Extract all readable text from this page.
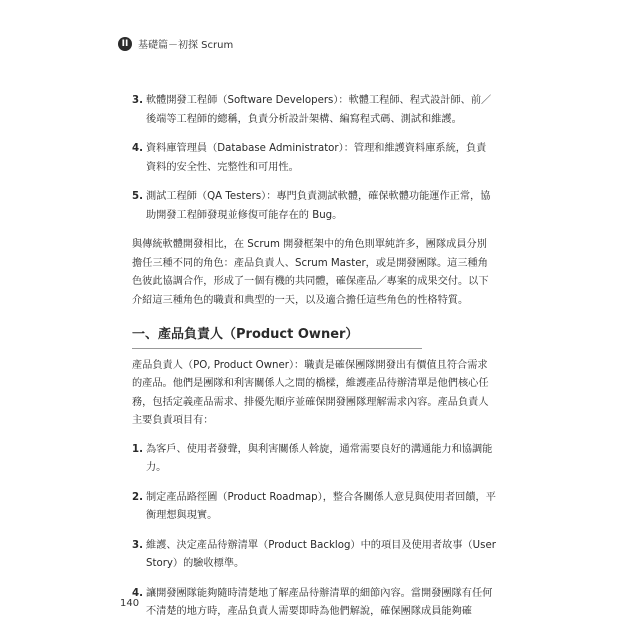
II 基礎篇－初探 Scrum
3. 軟體開發工程師（Software Developers）：軟體工程師、程式設計師、前／後端等工程師的總稱，負責分析設計架構、編寫程式碼、測試和維護。
4. 資料庫管理員（Database Administrator）：管理和維護資料庫系統，負責資料的安全性、完整性和可用性。
5. 測試工程師（QA Testers）：專門負責測試軟體，確保軟體功能運作正常，協助開發工程師發現並修復可能存在的 Bug。

與傳統軟體開發相比，在 Scrum 開發框架中的角色則單純許多，團隊成員分別擔任三種不同的角色：產品負責人、Scrum Master，或是開發團隊。這三種角色彼此協調合作，形成了一個有機的共同體，確保產品／專案的成果交付。以下介紹這三種角色的職責和典型的一天，以及適合擔任這些角色的性格特質。

一、產品負責人（Product Owner）

產品負責人（PO, Product Owner）：職責是確保團隊開發出有價值且符合需求的產品。他們是團隊和利害關係人之間的橋樑，維護產品待辦清單是他們核心任務，包括定義產品需求、排優先順序並確保開發團隊理解需求內容。產品負責人主要負責項目有：

1. 為客戶、使用者發聲，與利害關係人斡旋，通常需要良好的溝通能力和協調能力。
2. 制定產品路徑圖（Product Roadmap），整合各關係人意見與使用者回饋，平衡理想與現實。
3. 維護、決定產品待辦清單（Product Backlog）中的項目及使用者故事（User Story）的驗收標準。
4. 讓開發團隊能夠隨時清楚地了解產品待辦清單的細節內容。當開發團隊有任何不清楚的地方時，產品負責人需要即時為他們解說，確保團隊成員能夠確
140
